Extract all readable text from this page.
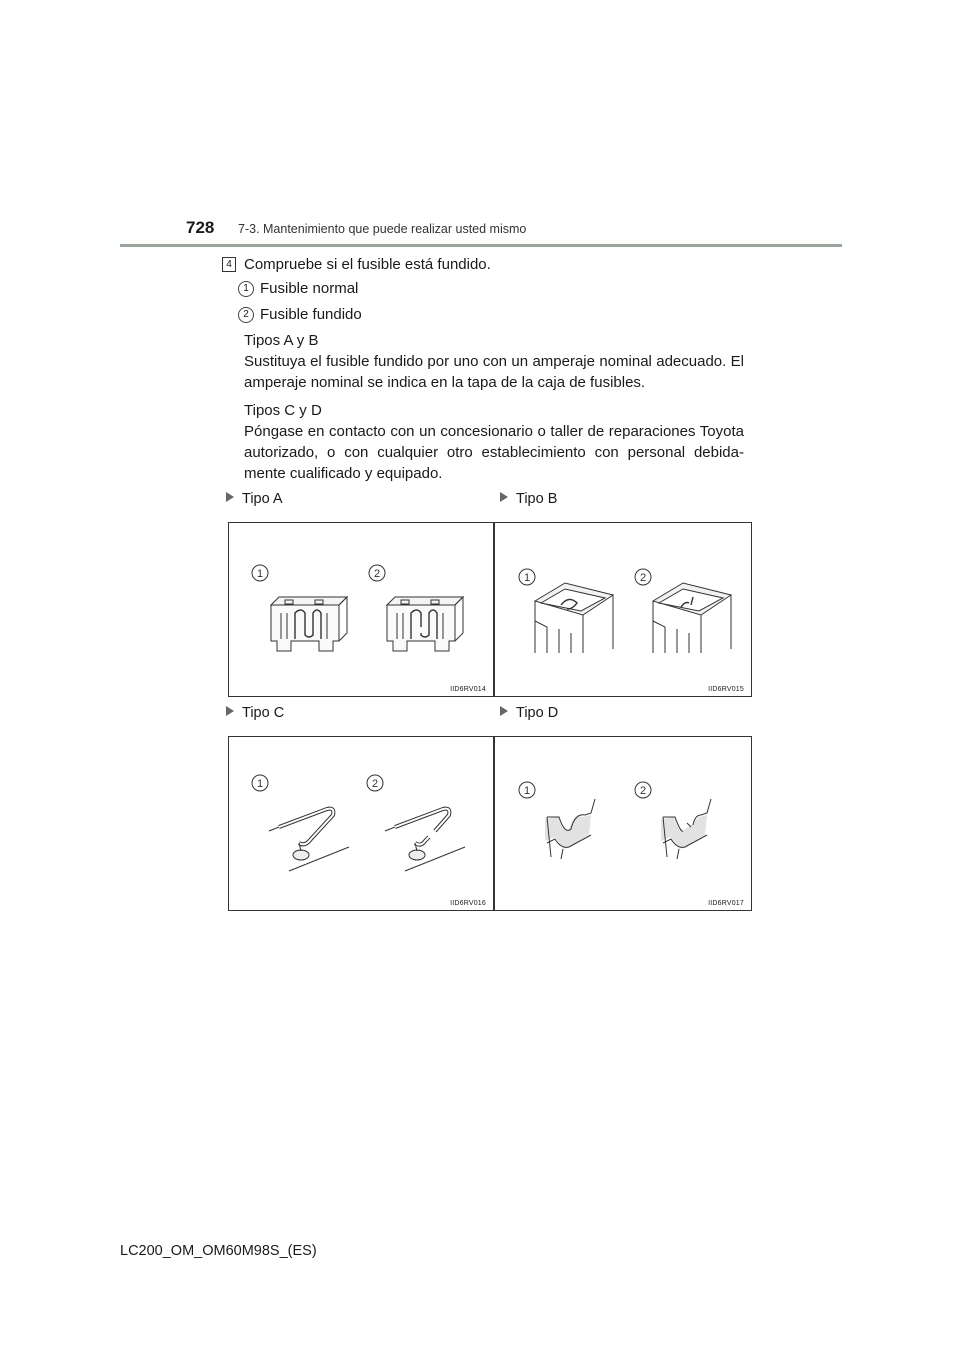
728 7-3. Mantenimiento que puede realizar usted mismo
4 Compruebe si el fusible está fundido.
1 Fusible normal
2 Fusible fundido
Tipos A y B
Sustituya el fusible fundido por uno con un amperaje nominal adecuado. El amperaje nominal se indica en la tapa de la caja de fusibles.
Tipos C y D
Póngase en contacto con un concesionario o taller de reparaciones Toyota autorizado, o con cualquier otro establecimiento con personal debida-mente cualificado y equipado.
Tipo A	Tipo B
Tipo C	Tipo D
1	2
IID6RV014
1	2
IID6RV015
1	2
IID6RV016
1	2
IID6RV017
LC200_OM_OM60M98S_(ES)
